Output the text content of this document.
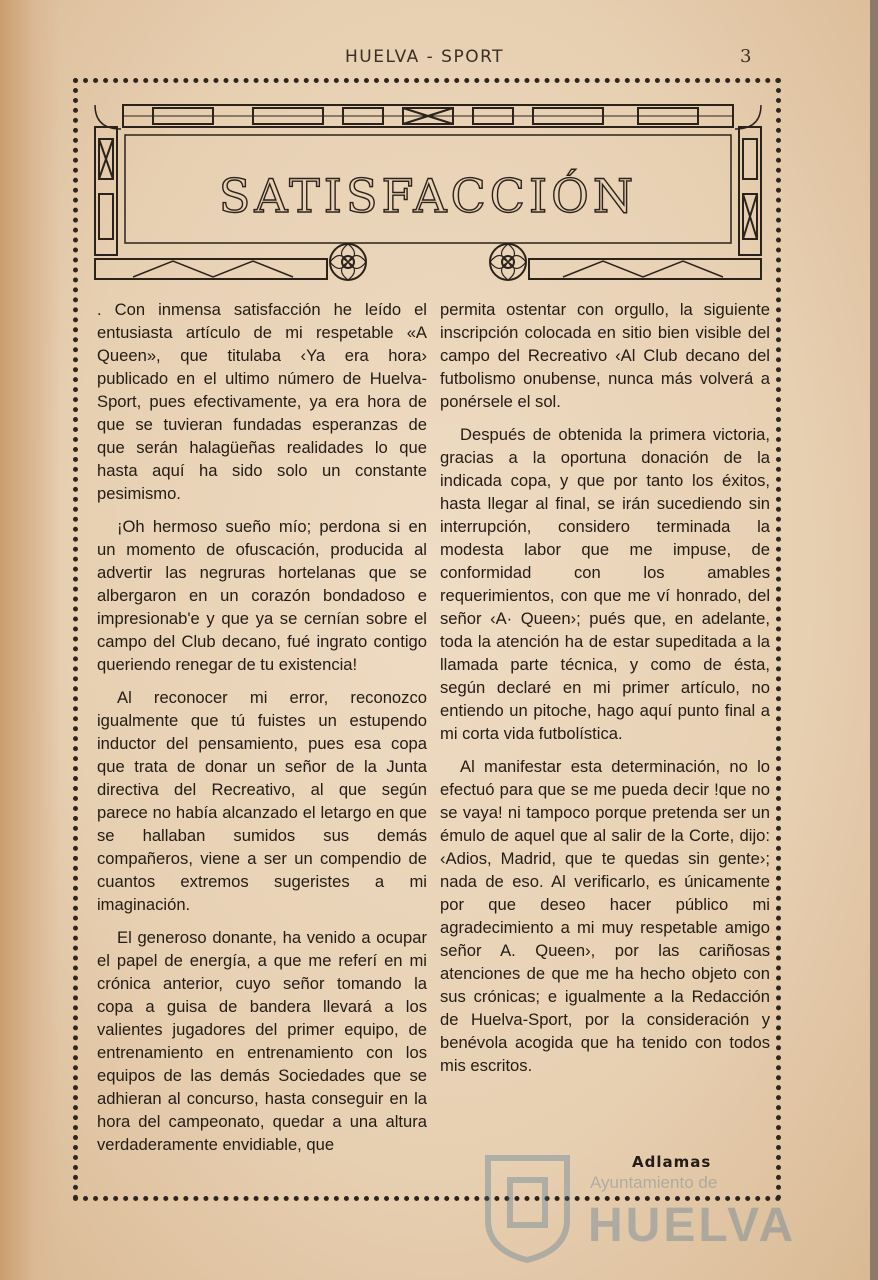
HUELVA - SPORT	3
SATISFACCIÓN

. Con inmensa satisfacción he leído el entusiasta artículo de mi respetable «A Queen», que titulaba ‹Ya era hora› publicado en el ultimo número de Huelva-Sport, pues efectivamente, ya era hora de que se tuvieran fundadas esperanzas de que serán halagüeñas realidades lo que hasta aquí ha sido solo un constante pesimismo.

¡Oh hermoso sueño mío; perdona si en un momento de ofuscación, producida al advertir las negruras hortelanas que se albergaron en un corazón bondadoso e impresionab'e y que ya se cernían sobre el campo del Club decano, fué ingrato contigo queriendo renegar de tu existencia!

Al reconocer mi error, reconozco igualmente que tú fuistes un estupendo inductor del pensamiento, pues esa copa que trata de donar un señor de la Junta directiva del Recreativo, al que según parece no había alcanzado el letargo en que se hallaban sumidos sus demás compañeros, viene a ser un compendio de cuantos extremos sugeristes a mi imaginación.

El generoso donante, ha venido a ocupar el papel de energía, a que me referí en mi crónica anterior, cuyo señor tomando la copa a guisa de bandera llevará a los valientes jugadores del primer equipo, de entrenamiento en entrenamiento con los equipos de las demás Sociedades que se adhieran al concurso, hasta conseguir en la hora del campeonato, quedar a una altura verdaderamente envidiable, que

permita ostentar con orgullo, la siguiente inscripción colocada en sitio bien visible del campo del Recreativo ‹Al Club decano del futbolismo onubense, nunca más volverá a ponérsele el sol.

Después de obtenida la primera victoria, gracias a la oportuna donación de la indicada copa, y que por tanto los éxitos, hasta llegar al final, se irán sucediendo sin interrupción, considero terminada la modesta labor que me impuse, de conformidad con los amables requerimientos, con que me ví honrado, del señor ‹A· Queen›; pués que, en adelante, toda la atención ha de estar supeditada a la llamada parte técnica, y como de ésta, según declaré en mi primer artículo, no entiendo un pitoche, hago aquí punto final a mi corta vida futbolística.

Al manifestar esta determinación, no lo efectuó para que se me pueda decir !que no se vaya! ni tampoco porque pretenda ser un émulo de aquel que al salir de la Corte, dijo: ‹Adios, Madrid, que te quedas sin gente›; nada de eso. Al verificarlo, es únicamente por que deseo hacer público mi agradecimiento a mi muy respetable amigo señor A. Queen›, por las cariñosas atenciones de que me ha hecho objeto con sus crónicas; e igualmente a la Redacción de Huelva-Sport, por la consideración y benévola acogida que ha tenido con todos mis escritos.

Adlamas
Ayuntamiento de
HUELVA
